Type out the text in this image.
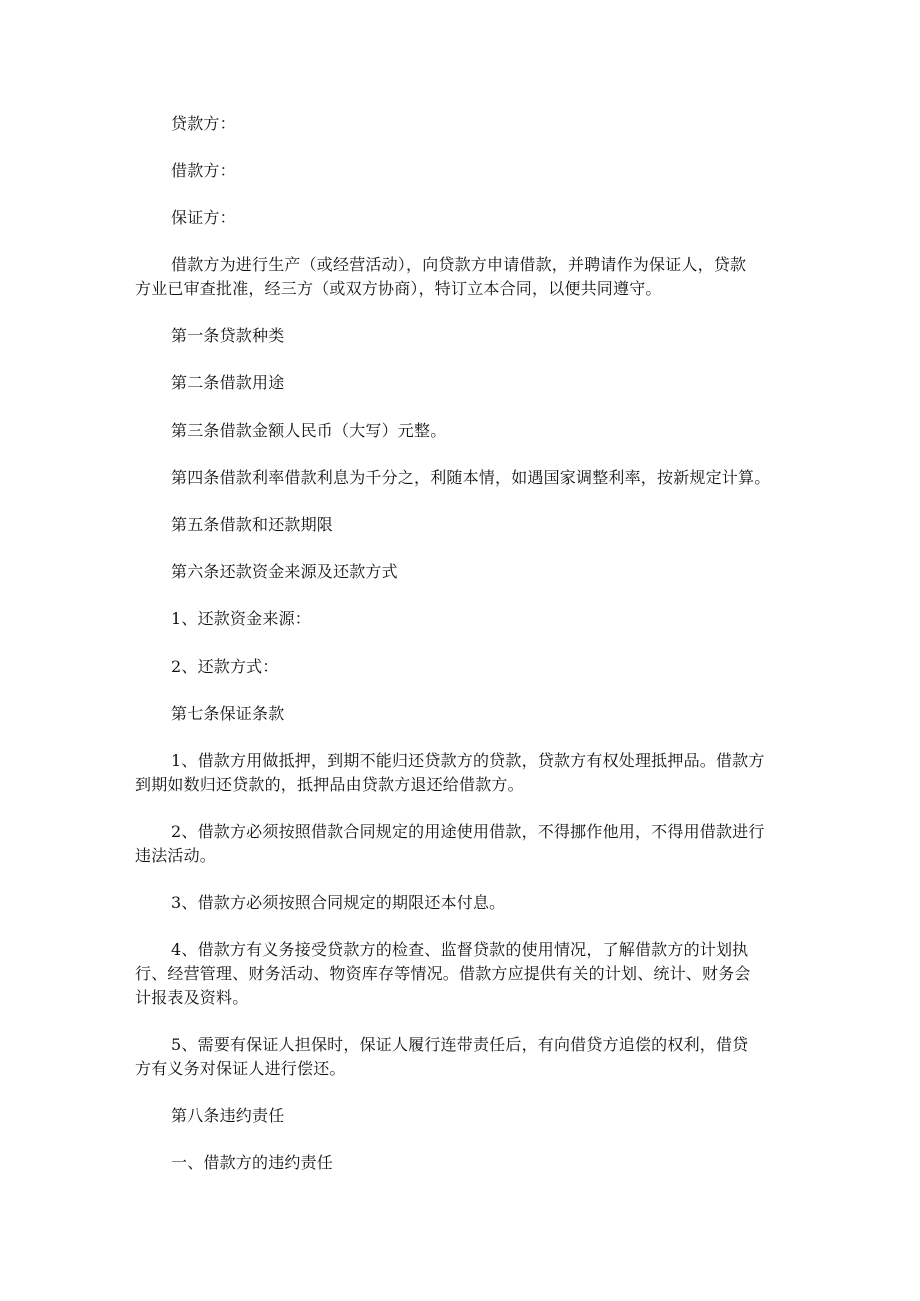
贷款方：

借款方：

保证方：

借款方为进行生产（或经营活动），向贷款方申请借款，并聘请作为保证人，贷款
方业已审查批准，经三方（或双方协商），特订立本合同，以便共同遵守。

第一条贷款种类

第二条借款用途

第三条借款金额人民币（大写）元整。

第四条借款利率借款利息为千分之，利随本情，如遇国家调整利率，按新规定计算。

第五条借款和还款期限

第六条还款资金来源及还款方式

1、还款资金来源：

2、还款方式：

第七条保证条款

1、借款方用做抵押，到期不能归还贷款方的贷款，贷款方有权处理抵押品。借款方
到期如数归还贷款的，抵押品由贷款方退还给借款方。

2、借款方必须按照借款合同规定的用途使用借款，不得挪作他用，不得用借款进行
违法活动。

3、借款方必须按照合同规定的期限还本付息。

4、借款方有义务接受贷款方的检查、监督贷款的使用情况，了解借款方的计划执
行、经营管理、财务活动、物资库存等情况。借款方应提供有关的计划、统计、财务会
计报表及资料。

5、需要有保证人担保时，保证人履行连带责任后，有向借贷方追偿的权利，借贷
方有义务对保证人进行偿还。

第八条违约责任

一、借款方的违约责任
